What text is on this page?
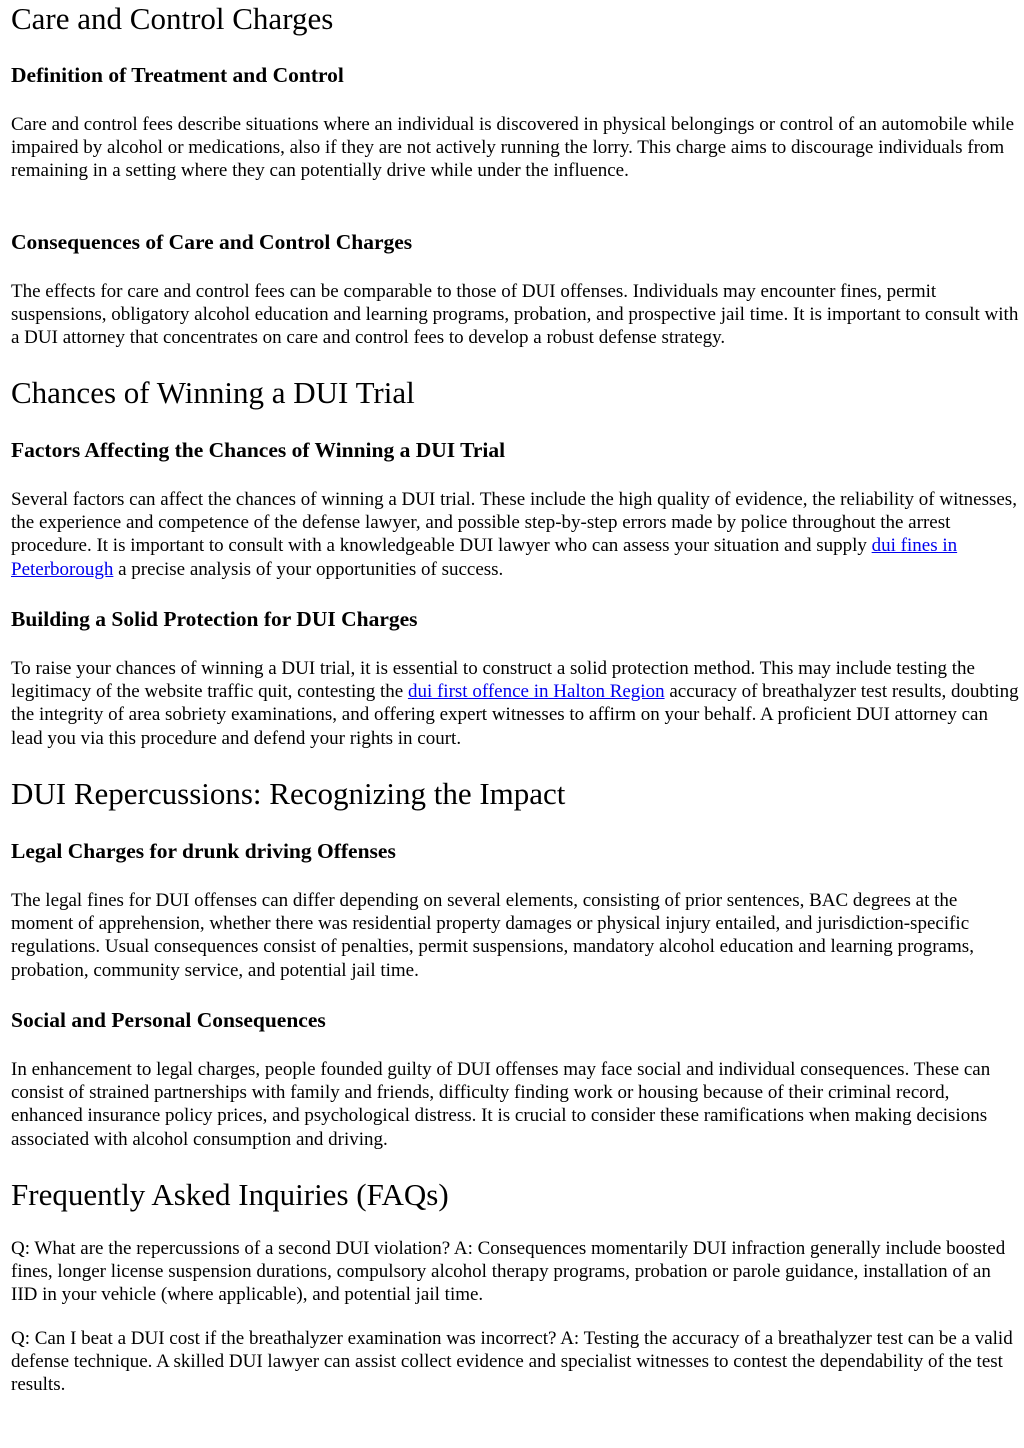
Care and Control Charges
Definition of Treatment and Control

Care and control fees describe situations where an individual is discovered in physical belongings or control of an automobile while impaired by alcohol or medications, also if they are not actively running the lorry. This charge aims to discourage individuals from remaining in a setting where they can potentially drive while under the influence.

Consequences of Care and Control Charges

The effects for care and control fees can be comparable to those of DUI offenses. Individuals may encounter fines, permit suspensions, obligatory alcohol education and learning programs, probation, and prospective jail time. It is important to consult with a DUI attorney that concentrates on care and control fees to develop a robust defense strategy.

Chances of Winning a DUI Trial
Factors Affecting the Chances of Winning a DUI Trial

Several factors can affect the chances of winning a DUI trial. These include the high quality of evidence, the reliability of witnesses, the experience and competence of the defense lawyer, and possible step-by-step errors made by police throughout the arrest procedure. It is important to consult with a knowledgeable DUI lawyer who can assess your situation and supply dui fines in Peterborough a precise analysis of your opportunities of success.

Building a Solid Protection for DUI Charges

To raise your chances of winning a DUI trial, it is essential to construct a solid protection method. This may include testing the legitimacy of the website traffic quit, contesting the dui first offence in Halton Region accuracy of breathalyzer test results, doubting the integrity of area sobriety examinations, and offering expert witnesses to affirm on your behalf. A proficient DUI attorney can lead you via this procedure and defend your rights in court.

DUI Repercussions: Recognizing the Impact
Legal Charges for drunk driving Offenses

The legal fines for DUI offenses can differ depending on several elements, consisting of prior sentences, BAC degrees at the moment of apprehension, whether there was residential property damages or physical injury entailed, and jurisdiction-specific regulations. Usual consequences consist of penalties, permit suspensions, mandatory alcohol education and learning programs, probation, community service, and potential jail time.

Social and Personal Consequences

In enhancement to legal charges, people founded guilty of DUI offenses may face social and individual consequences. These can consist of strained partnerships with family and friends, difficulty finding work or housing because of their criminal record, enhanced insurance policy prices, and psychological distress. It is crucial to consider these ramifications when making decisions associated with alcohol consumption and driving.

Frequently Asked Inquiries (FAQs)

Q: What are the repercussions of a second DUI violation? A: Consequences momentarily DUI infraction generally include boosted fines, longer license suspension durations, compulsory alcohol therapy programs, probation or parole guidance, installation of an IID in your vehicle (where applicable), and potential jail time.

Q: Can I beat a DUI cost if the breathalyzer examination was incorrect? A: Testing the accuracy of a breathalyzer test can be a valid defense technique. A skilled DUI lawyer can assist collect evidence and specialist witnesses to contest the dependability of the test results.
